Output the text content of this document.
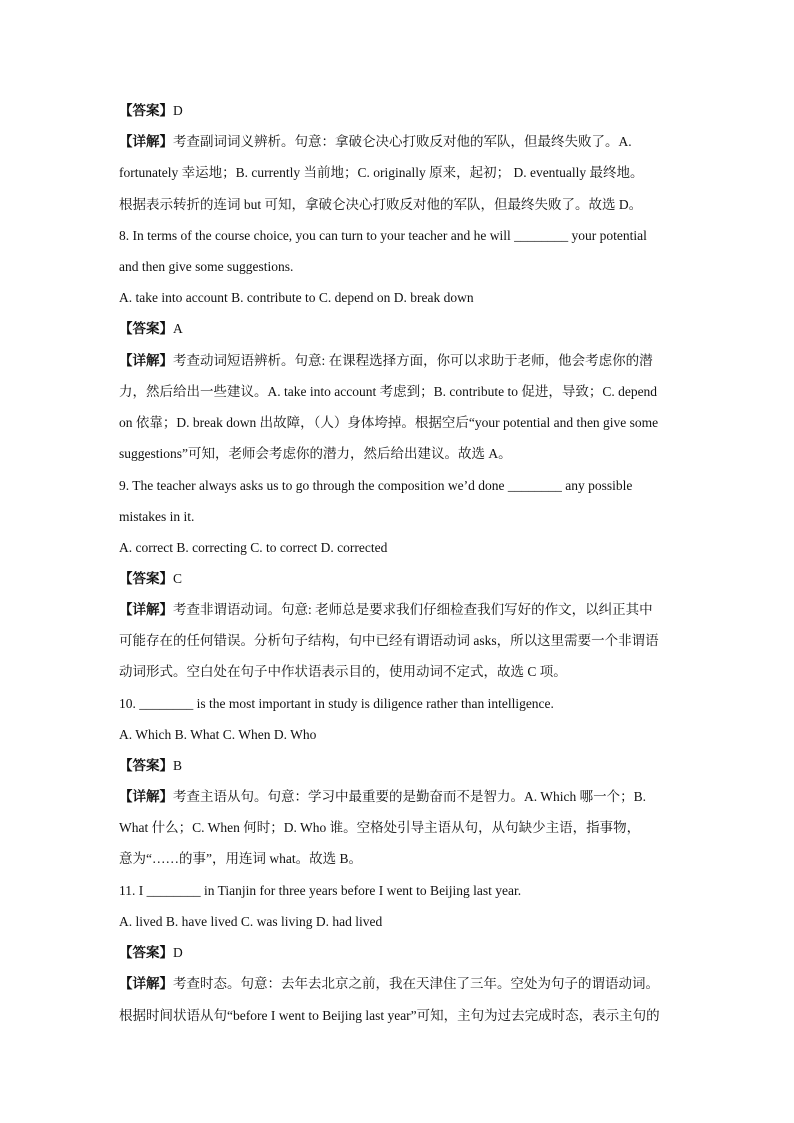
【答案】D
【详解】考查副词词义辨析。句意：拿破仑决心打败反对他的军队，但最终失败了。A.
fortunately 幸运地；B. currently 当前地；C. originally 原来，起初； D. eventually 最终地。
根据表示转折的连词 but 可知，拿破仑决心打败反对他的军队，但最终失败了。故选 D。
8. In terms of the course choice, you can turn to your teacher and he will ________ your potential
and then give some suggestions.
A. take into account B. contribute to C. depend on D. break down
【答案】A
【详解】考查动词短语辨析。句意: 在课程选择方面，你可以求助于老师，他会考虑你的潜
力，然后给出一些建议。A. take into account 考虑到；B. contribute to 促进，导致；C. depend
on 依靠；D. break down 出故障，（人）身体垮掉。根据空后“your potential and then give some
suggestions”可知，老师会考虑你的潜力，然后给出建议。故选 A。
9. The teacher always asks us to go through the composition we’d done ________ any possible
mistakes in it.
A. correct B. correcting C. to correct D. corrected
【答案】C
【详解】考查非谓语动词。句意: 老师总是要求我们仔细检查我们写好的作文，以纠正其中
可能存在的任何错误。分析句子结构，句中已经有谓语动词 asks，所以这里需要一个非谓语
动词形式。空白处在句子中作状语表示目的，使用动词不定式，故选 C 项。
10. ________ is the most important in study is diligence rather than intelligence.
A. Which B. What C. When D. Who
【答案】B
【详解】考查主语从句。句意：学习中最重要的是勤奋而不是智力。A. Which 哪一个；B.
What 什么；C. When 何时；D. Who 谁。空格处引导主语从句，从句缺少主语，指事物，
意为“……的事”，用连词 what。故选 B。
11. I ________ in Tianjin for three years before I went to Beijing last year.
A. lived B. have lived C. was living D. had lived
【答案】D
【详解】考查时态。句意：去年去北京之前，我在天津住了三年。空处为句子的谓语动词。
根据时间状语从句“before I went to Beijing last year”可知，主句为过去完成时态，表示主句的
